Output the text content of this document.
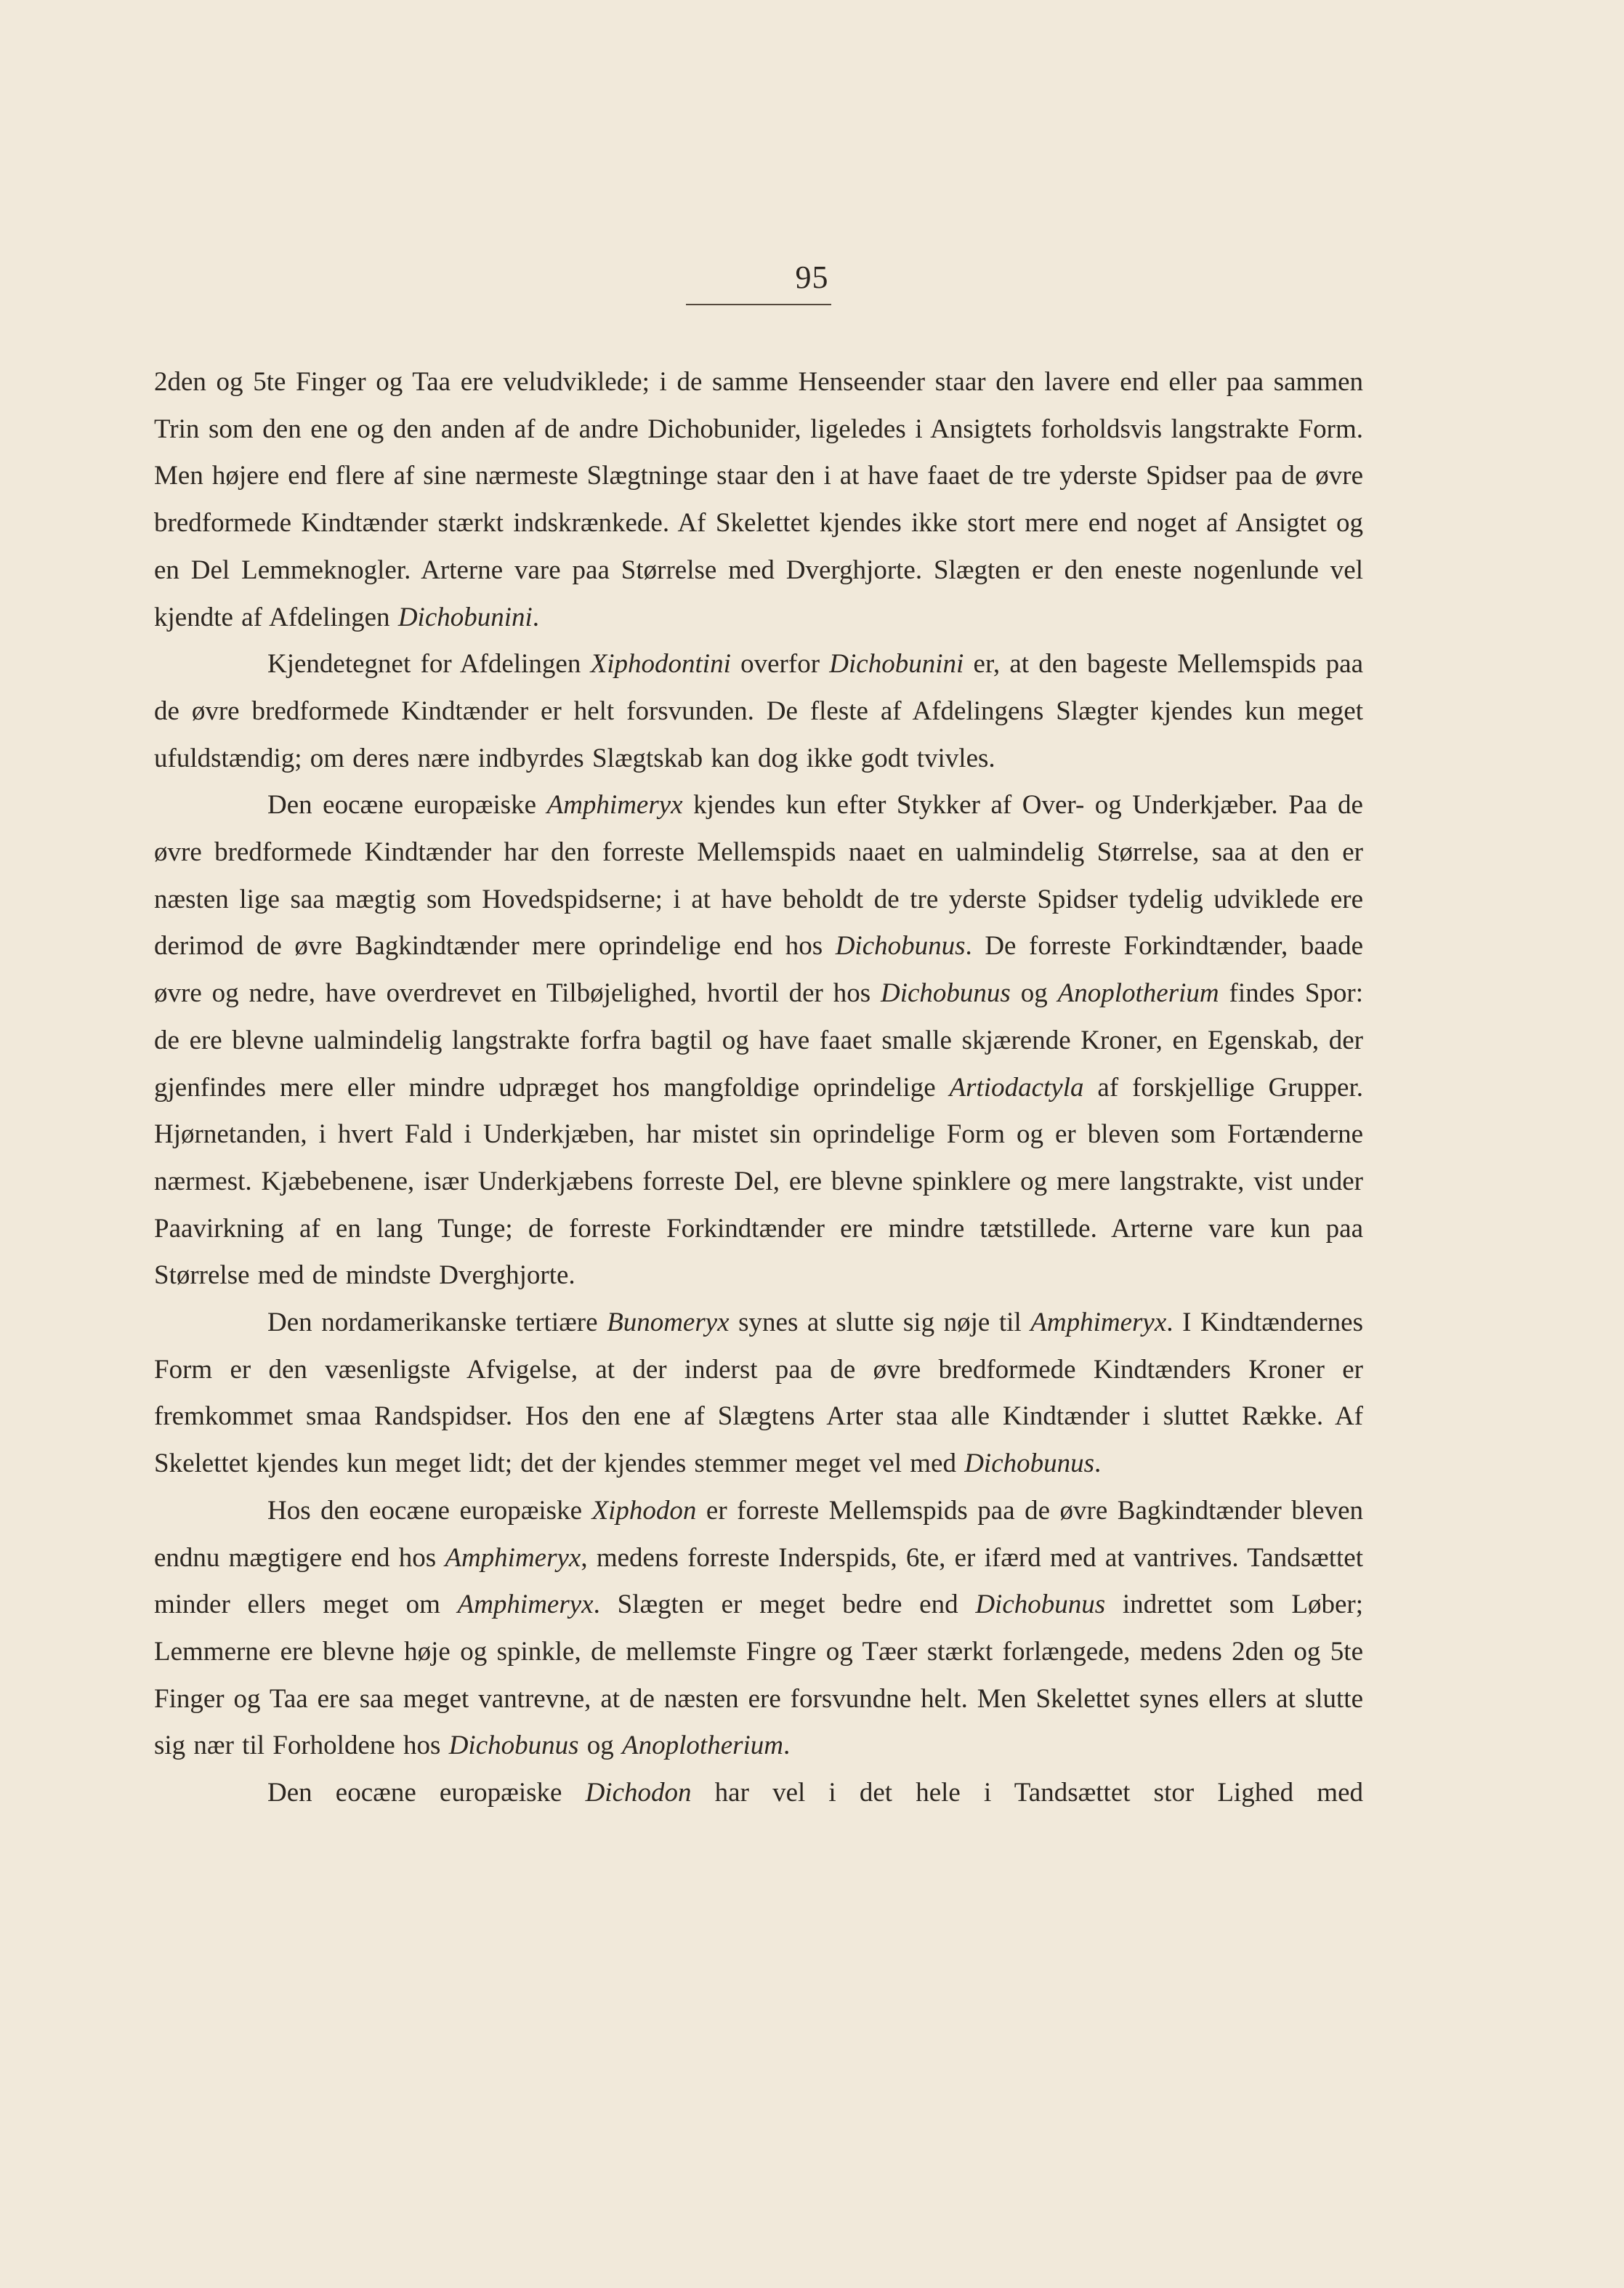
95

2den og 5te Finger og Taa ere veludviklede; i de samme Henseender staar den lavere end eller paa sammen Trin som den ene og den anden af de andre Dichobunider, ligeledes i Ansigtets forholdsvis langstrakte Form. Men højere end flere af sine nærmeste Slægtninge staar den i at have faaet de tre yderste Spidser paa de øvre bredformede Kindtænder stærkt indskrænkede. Af Skelettet kjendes ikke stort mere end noget af Ansigtet og en Del Lemmeknogler. Arterne vare paa Størrelse med Dverghjorte. Slægten er den eneste nogenlunde vel kjendte af Afdelingen Dichobunini.

Kjendetegnet for Afdelingen Xiphodontini overfor Dichobunini er, at den bageste Mellemspids paa de øvre bredformede Kindtænder er helt forsvunden. De fleste af Afdelingens Slægter kjendes kun meget ufuldstændig; om deres nære indbyrdes Slægtskab kan dog ikke godt tvivles.

Den eocæne europæiske Amphimeryx kjendes kun efter Stykker af Over- og Underkjæber. Paa de øvre bredformede Kindtænder har den forreste Mellemspids naaet en ualmindelig Størrelse, saa at den er næsten lige saa mægtig som Hovedspidserne; i at have beholdt de tre yderste Spidser tydelig udviklede ere derimod de øvre Bagkindtænder mere oprindelige end hos Dichobunus. De forreste Forkindtænder, baade øvre og nedre, have overdrevet en Tilbøjelighed, hvortil der hos Dichobunus og Anoplotherium findes Spor: de ere blevne ualmindelig langstrakte forfra bagtil og have faaet smalle skjærende Kroner, en Egenskab, der gjenfindes mere eller mindre udpræget hos mangfoldige oprindelige Artiodactyla af forskjellige Grupper. Hjørnetanden, i hvert Fald i Underkjæben, har mistet sin oprindelige Form og er bleven som Fortænderne nærmest. Kjæbebenene, især Underkjæbens forreste Del, ere blevne spinklere og mere langstrakte, vist under Paavirkning af en lang Tunge; de forreste Forkindtænder ere mindre tætstillede. Arterne vare kun paa Størrelse med de mindste Dverghjorte.

Den nordamerikanske tertiære Bunomeryx synes at slutte sig nøje til Amphimeryx. I Kindtændernes Form er den væsenligste Afvigelse, at der inderst paa de øvre bredformede Kindtænders Kroner er fremkommet smaa Randspidser. Hos den ene af Slægtens Arter staa alle Kindtænder i sluttet Række. Af Skelettet kjendes kun meget lidt; det der kjendes stemmer meget vel med Dichobunus.

Hos den eocæne europæiske Xiphodon er forreste Mellemspids paa de øvre Bagkindtænder bleven endnu mægtigere end hos Amphimeryx, medens forreste Inderspids, 6te, er ifærd med at vantrives. Tandsættet minder ellers meget om Amphimeryx. Slægten er meget bedre end Dichobunus indrettet som Løber; Lemmerne ere blevne høje og spinkle, de mellemste Fingre og Tæer stærkt forlængede, medens 2den og 5te Finger og Taa ere saa meget vantrevne, at de næsten ere forsvundne helt. Men Skelettet synes ellers at slutte sig nær til Forholdene hos Dichobunus og Anoplotherium.

Den eocæne europæiske Dichodon har vel i det hele i Tandsættet stor Lighed med
